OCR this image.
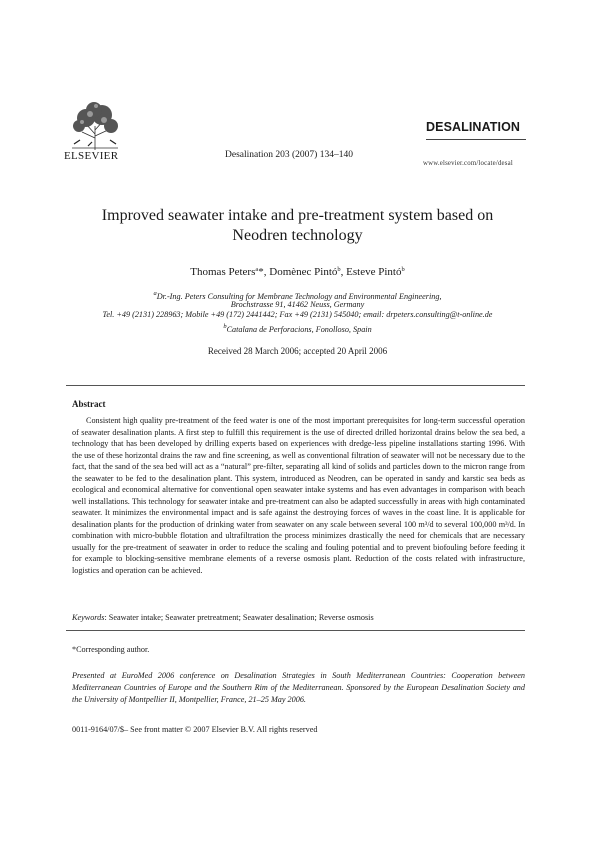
ELSEVIER
DESALINATION
Desalination 203 (2007) 134–140
www.elsevier.com/locate/desal
Improved seawater intake and pre-treatment system based on
Neodren technology
Thomas Peters$^a$*, Domènec Pintó$^b$, Esteve Pintó$^b$
$^a$Dr.-Ing. Peters Consulting for Membrane Technology and Environmental Engineering,
Brochstrasse 91, 41462 Neuss, Germany
Tel. +49 (2131) 228963; Mobile +49 (172) 2441442; Fax +49 (2131) 545040; email: drpeters.consulting@t-online.de
$^b$Catalana de Perforacions, Fonolloso, Spain
Received 28 March 2006; accepted 20 April 2006
Abstract
Consistent high quality pre-treatment of the feed water is one of the most important prerequisites for long-term successful operation of seawater desalination plants. A first step to fulfill this requirement is the use of directed drilled horizontal drains below the sea bed, a technology that has been developed by drilling experts based on experiences with dredge-less pipeline installations starting 1996. With the use of these horizontal drains the raw and fine screening, as well as conventional filtration of seawater will not be necessary due to the fact, that the sand of the sea bed will act as a “natural” pre-filter, separating all kind of solids and particles down to the micron range from the seawater to be fed to the desalination plant. This system, introduced as Neodren, can be operated in sandy and karstic sea beds as ecological and economical alternative for conventional open seawater intake systems and has even advantages in comparison with beach well installations. This technology for seawater intake and pre-treatment can also be adapted successfully in areas with high contaminated seawater. It minimizes the environmental impact and is safe against the destroying forces of waves in the coast line. It is applicable for desalination plants for the production of drinking water from seawater on any scale between several 100 m³/d to several 100,000 m³/d. In combination with micro-bubble flotation and ultrafiltration the process minimizes drastically the need for chemicals that are necessary usually for the pre-treatment of seawater in order to reduce the scaling and fouling potential and to prevent biofouling before feeding it for example to blocking-sensitive membrane elements of a reverse osmosis plant. Reduction of the costs related with infrastructure, logistics and operation can be achieved.
Keywords: Seawater intake; Seawater pretreatment; Seawater desalination; Reverse osmosis
*Corresponding author.
Presented at EuroMed 2006 conference on Desalination Strategies in South Mediterranean Countries: Cooperation between Mediterranean Countries of Europe and the Southern Rim of the Mediterranean. Sponsored by the European Desalination Society and the University of Montpellier II, Montpellier, France, 21–25 May 2006.
0011-9164/07/$– See front matter © 2007 Elsevier B.V. All rights reserved
